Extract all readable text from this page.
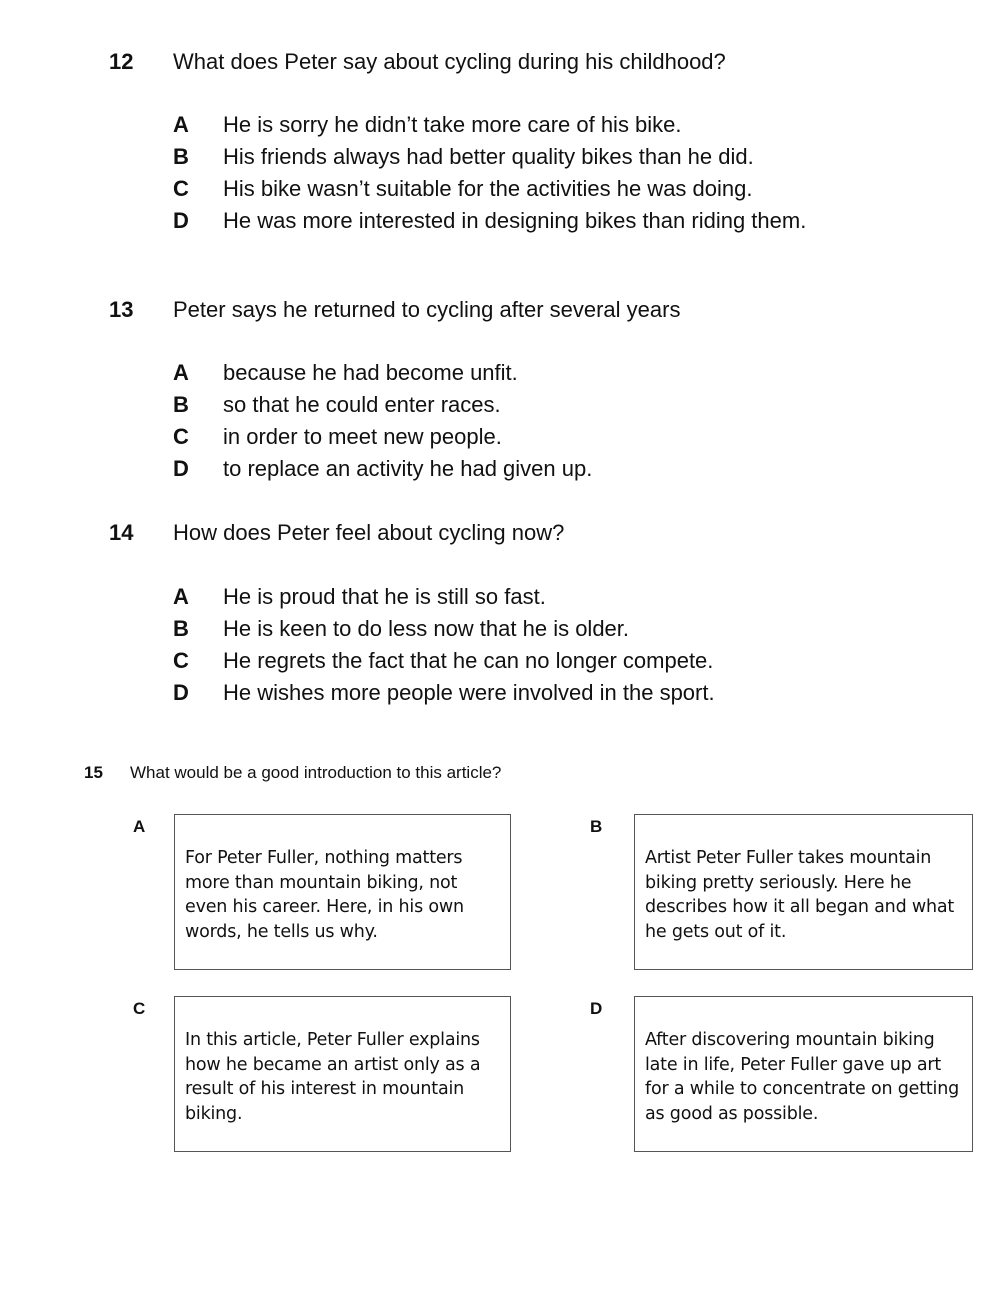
12 What does Peter say about cycling during his childhood?
A He is sorry he didn’t take more care of his bike.
B His friends always had better quality bikes than he did.
C His bike wasn’t suitable for the activities he was doing.
D He was more interested in designing bikes than riding them.
13 Peter says he returned to cycling after several years
A because he had become unfit.
B so that he could enter races.
C in order to meet new people.
D to replace an activity he had given up.
14 How does Peter feel about cycling now?
A He is proud that he is still so fast.
B He is keen to do less now that he is older.
C He regrets the fact that he can no longer compete.
D He wishes more people were involved in the sport.
15 What would be a good introduction to this article?
A
For Peter Fuller, nothing matters more than mountain biking, not even his career. Here, in his own words, he tells us why.
B
Artist Peter Fuller takes mountain biking pretty seriously. Here he describes how it all began and what he gets out of it.
C
In this article, Peter Fuller explains how he became an artist only as a result of his interest in mountain biking.
D
After discovering mountain biking late in life, Peter Fuller gave up art for a while to concentrate on getting as good as possible.
